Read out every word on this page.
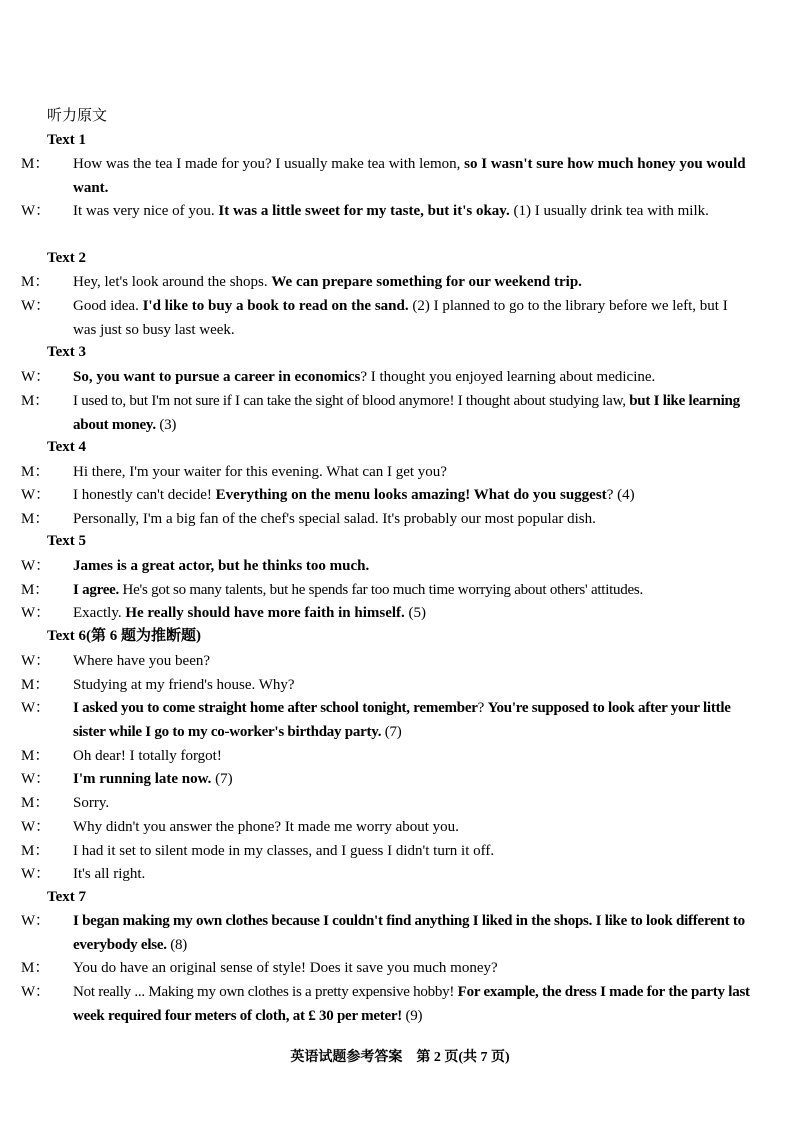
听力原文
Text 1
M： How was the tea I made for you? I usually make tea with lemon, so I wasn't sure how much honey you would want.
W： It was very nice of you. It was a little sweet for my taste, but it's okay. (1) I usually drink tea with milk.
Text 2
M： Hey, let's look around the shops. We can prepare something for our weekend trip.
W： Good idea. I'd like to buy a book to read on the sand. (2) I planned to go to the library before we left, but I was just so busy last week.
Text 3
W： So, you want to pursue a career in economics? I thought you enjoyed learning about medicine.
M： I used to, but I'm not sure if I can take the sight of blood anymore! I thought about studying law, but I like learning about money. (3)
Text 4
M： Hi there, I'm your waiter for this evening. What can I get you?
W： I honestly can't decide! Everything on the menu looks amazing! What do you suggest? (4)
M： Personally, I'm a big fan of the chef's special salad. It's probably our most popular dish.
Text 5
W： James is a great actor, but he thinks too much.
M： I agree. He's got so many talents, but he spends far too much time worrying about others' attitudes.
W： Exactly. He really should have more faith in himself. (5)
Text 6(第 6 题为推断题)
W： Where have you been?
M： Studying at my friend's house. Why?
W： I asked you to come straight home after school tonight, remember? You're supposed to look after your little sister while I go to my co-worker's birthday party. (7)
M： Oh dear! I totally forgot!
W： I'm running late now. (7)
M： Sorry.
W： Why didn't you answer the phone? It made me worry about you.
M： I had it set to silent mode in my classes, and I guess I didn't turn it off.
W： It's all right.
Text 7
W： I began making my own clothes because I couldn't find anything I liked in the shops. I like to look different to everybody else. (8)
M： You do have an original sense of style! Does it save you much money?
W： Not really ... Making my own clothes is a pretty expensive hobby! For example, the dress I made for the party last week required four meters of cloth, at £ 30 per meter! (9)
英语试题参考答案　第 2 页(共 7 页)
